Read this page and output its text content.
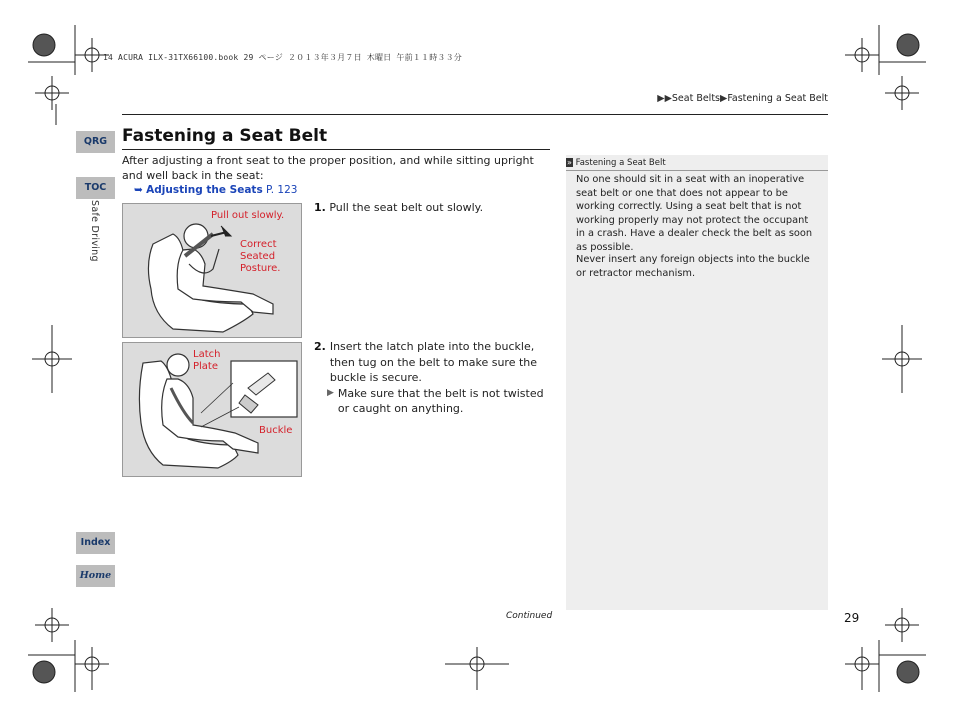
14 ACURA ILX-31TX66100.book 29 ページ ２０１３年３月７日 木曜日 午前１１時３３分
▶▶Seat Belts▶Fastening a Seat Belt
QRG
TOC
Safe Driving
Index
Home
Fastening a Seat Belt
After adjusting a front seat to the proper position, and while sitting upright and well back in the seat:
➥ Adjusting the Seats P. 123
Pull out slowly.
Correct
Seated
Posture.
Latch
Plate
Buckle
1. Pull the seat belt out slowly.
2. Insert the latch plate into the buckle, then tug on the belt to make sure the buckle is secure.
▶ Make sure that the belt is not twisted or caught on anything.
» Fastening a Seat Belt
No one should sit in a seat with an inoperative seat belt or one that does not appear to be working correctly. Using a seat belt that is not working properly may not protect the occupant in a crash. Have a dealer check the belt as soon as possible.
Never insert any foreign objects into the buckle or retractor mechanism.
Continued	29
